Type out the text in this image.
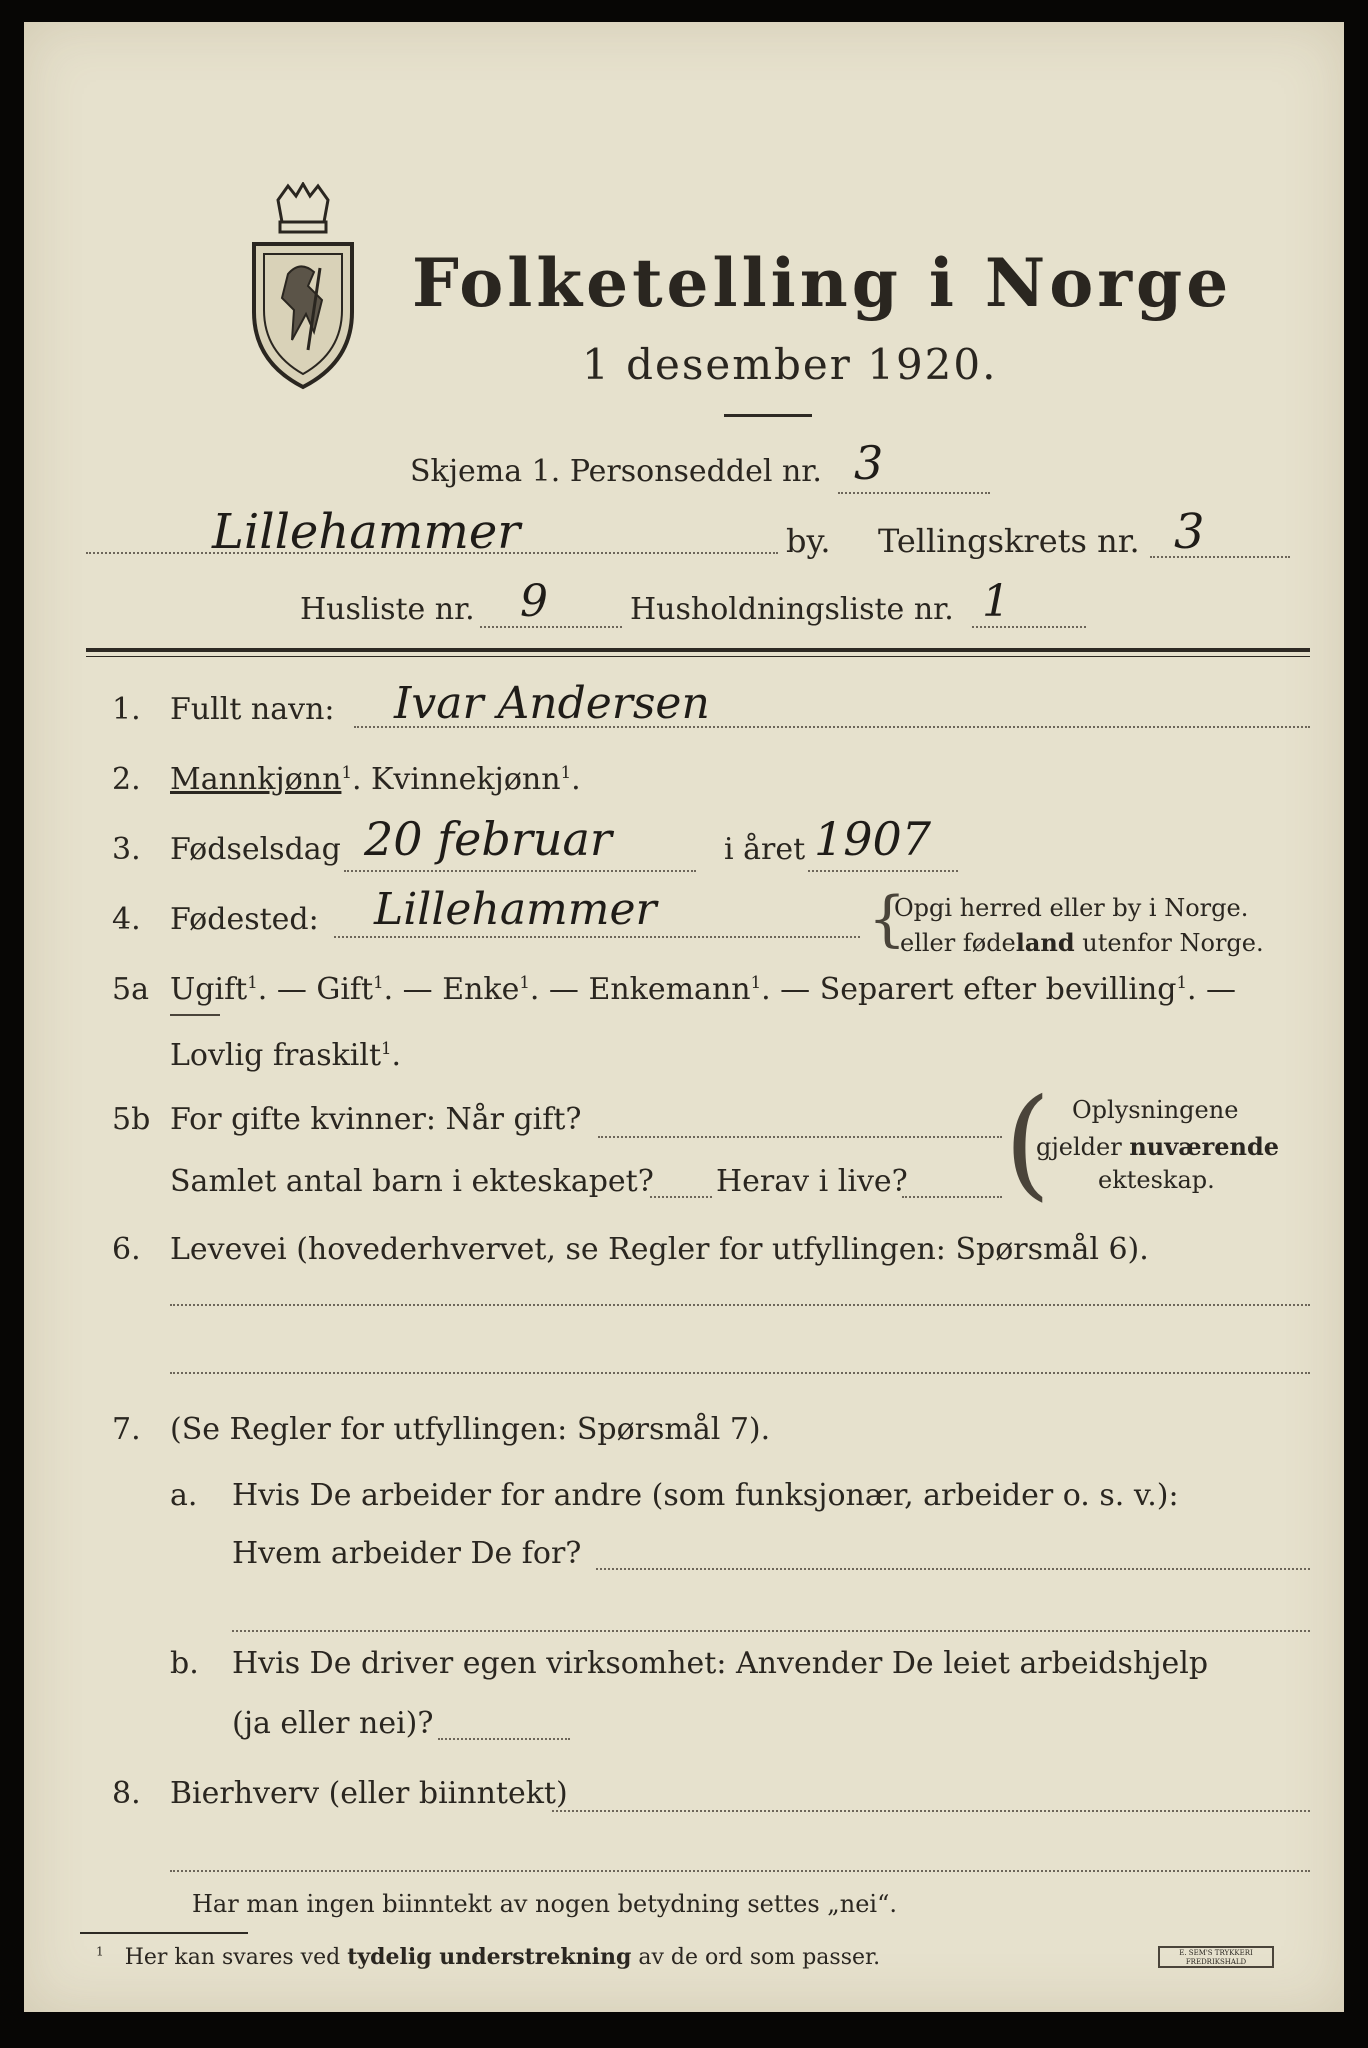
Folketelling i Norge
1 desember 1920.
Skjema 1. Personseddel nr. 3
Lillehammer	by. Tellingskrets nr. 3
Husliste nr. 9	Husholdningsliste nr. 1
1. Fullt navn: Ivar Andersen
2. Mannkjønn$^1$. Kvinnekjønn$^1$.
3. Fødselsdag 20 februar	i året 1907
4. Fødested: Lillehammer	{
Opgi herred eller by i Norge.
eller fødeland utenfor Norge.
5a Ugift$^1$. — Gift$^1$. — Enke$^1$. — Enkemann$^1$. — Separert efter bevilling$^1$. —
Lovlig fraskilt$^1$.
5b For gifte kvinner: Når gift?
Samlet antal barn i ekteskapet? Herav i live? ( Oplysningene
gjelder nuværende
ekteskap.
6. Levevei (hovederhvervet, se Regler for utfyllingen: Spørsmål 6).
7. (Se Regler for utfyllingen: Spørsmål 7).
a. Hvis De arbeider for andre (som funksjonær, arbeider o. s. v.):
Hvem arbeider De for?
b. Hvis De driver egen virksomhet: Anvender De leiet arbeidshjelp
(ja eller nei)?
8. Bierhverv (eller biinntekt)
Har man ingen biinntekt av nogen betydning settes „nei“.
$^1$ Her kan svares ved tydelig understrekning av de ord som passer.	E. SEM'S TRYKKERI FREDRIKSHALD
